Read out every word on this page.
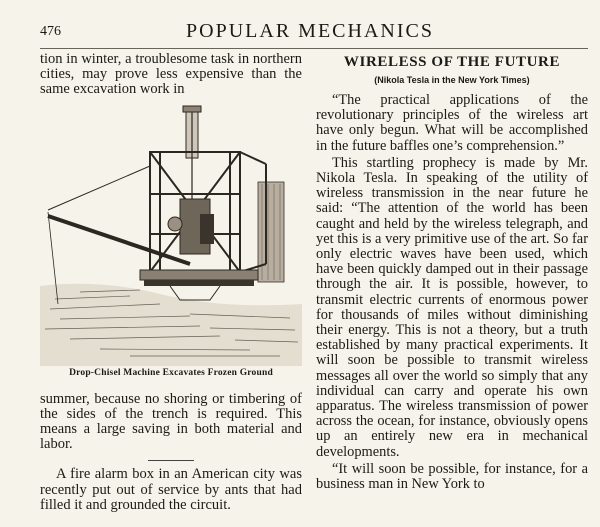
476	POPULAR MECHANICS

tion in winter, a troublesome task in northern cities, may prove less expensive than the same excavation work in

Drop-Chisel Machine Excavates Frozen Ground

summer, because no shoring or timbering of the sides of the trench is required. This means a large saving in both material and labor.

A fire alarm box in an American city was recently put out of service by ants that had filled it and grounded the circuit.

WIRELESS OF THE FUTURE
(Nikola Tesla in the New York Times)

“The practical applications of the revolutionary principles of the wireless art have only begun. What will be accomplished in the future baffles one’s comprehension.”

This startling prophecy is made by Mr. Nikola Tesla. In speaking of the utility of wireless transmission in the near future he said: “The attention of the world has been caught and held by the wireless telegraph, and yet this is a very primitive use of the art. So far only electric waves have been used, which have been quickly damped out in their passage through the air. It is possible, however, to transmit electric currents of enormous power for thousands of miles without diminishing their energy. This is not a theory, but a truth established by many practical experiments. It will soon be possible to transmit wireless messages all over the world so simply that any individual can carry and operate his own apparatus. The wireless transmission of power across the ocean, for instance, obviously opens up an entirely new era in mechanical developments.

“It will soon be possible, for instance, for a business man in New York to
